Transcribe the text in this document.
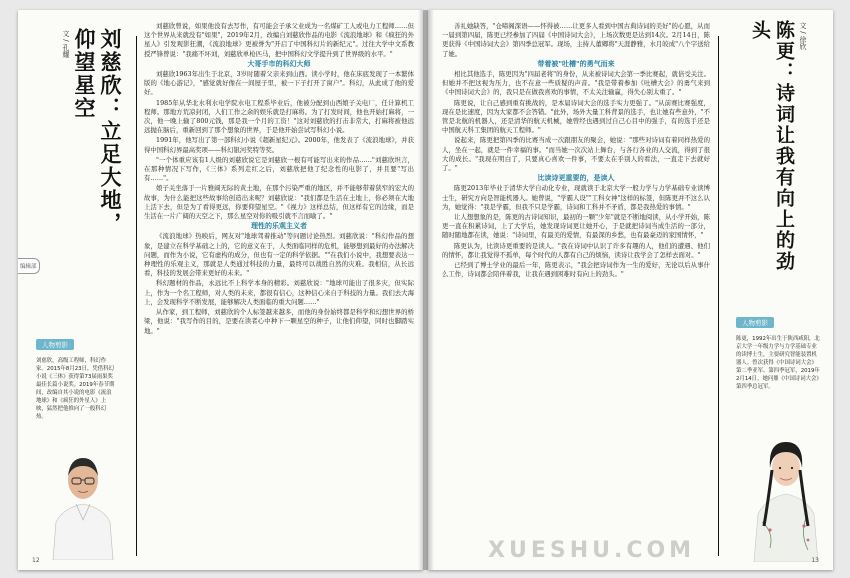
刘慈欣：立足大地，仰望星空
文 / 孔耀
编辑部
人物剪影
刘慈欣，高级工程师，科幻作家。2015年8月23日，凭借科幻小说《三体》获得第73届雨果奖最佳长篇小说奖。2019年春节期间，改编自其小说的电影《流浪地球》和《疯狂的外星人》上映，猛然把他推向了一般科幻热。

刘慈欣曾说，如果他没有去写作，有可能会子承父业成为一名煤矿工人或电力工程师……但这个世界从来就没有"如果"，2019年2月，改编自刘慈欣作品的电影《流浪地球》和《疯狂的外星人》引发观影狂潮，《流浪地球》更被誉为"开启了中国科幻片的新纪元"。过往大学中文系教授严锋曾说："我痛不坏刘，刘慈欣单枪匹马，把中国科幻文学提升到了世界级的水平。"

大哥手市的科幻大师

刘慈欣1963年出生于北京，3岁时随着父亲来到山西。读小学时，他在床底发现了一本繁体版的《地心游记》，"感觉就好像在一间屋子里，被一下子打开了窗户"。科幻，从此成了他的爱好。

1985年从华北水利水电学院水电工程系毕业后，他被分配到山西娘子关电厂，任计算机工程师。那地方荒凉封闭，人们工作之余的娱乐就是打麻将。为了打发时间，他也开始打麻将，一次，他一晚上输了800元钱，那是我一个月的工资！"这对刘慈欣的打击非常大，打麻将被他远远抛在脑后，重新回到了那个想象的世界，于是他开始尝试写科幻小说。

1991年，他写出了第一部科幻小说《超新星纪元》。2000年，他发表了《流浪地球》，并获得中国科幻界最高奖项——科幻银河奖特等奖。

"一个体重应该有1人级的刘慈欣说它是刘慈欣一根有可能写出来的作品……"刘慈欣坦言，在那种情况下写作，《三体》系列走红之后，刘慈欣把他了纪念性的电影了，并且要"写出有……"。

娘子关坐落于一片雅阔无际的黄土地，在那个污染严重的地区，并不能够带着狭窄的宏大的故事，为什么能把这些故事给创造出来呢？刘慈欣说："我们都是生活在土地上，你必须在大地上活下去，但是为了看得更远，你要仰望星空。"《视力》这样总结，但这样有它的边缘，而是生活在一片广阔的天空之下，那么星空对你的吸引就不言而喻了。"

理性的乐观主义者

《流浪地球》热映后，网友对"地球驾着推动"等问题讨论热烈。刘慈欣说："科幻作品的想象，是建立在科学基础之上的，它的意义在于，人类面临同样的危机，能够想到最好的办法解决问题，而作为小说，它有虚构的成分，但也有一定的科学依据。""在我们小说中，我想要表达一种理性的乐观主义，那就是人类通过科技的力量，最终可以战胜自然的灾难。我相信，从长远看，科技的发展会带来更好的未来。"

科幻题材的作品，永远比不上科学本身的精彩。刘慈欣说："地球可能出了很多灾，但实际上，作为一个名工程师，对人类的未来，都很有信心，这种信心来自于科技的力量。我们去大海上，会发现科学不断发展，能够解决人类面临的重大问题……"

从作家，到工程师，刘慈欣的个人标签越来越多，而他的身份始终都是科学和幻想世界的桥梁，他说："我写作的目的，是要在读者心中种下一颗星空的种子，让他们仰望，同时也脚踏实地。"

12

善礼她缺答，"仓啼阁深语——怀得被……让更多人看到中国古典诗词的美好"的心愿，从而一届到第四届，陈更已经参加了四届《中国诗词大会》，上场次数更是达到14次。2月14日，陈更获得《中国诗词大会》第四季总冠军。现场，主持人董卿将"天涯静雅，水月皎成"八个字送给了她。

带着被"吐槽"的勇气而来

相比其他选手，陈更因为"四届老将"的身份，从来被诗词大会第一季比赛起，就倍受关注。但她并不把这视为压力，也不在意一些质疑的声音。"我是带着参加《吐槽大会》的勇气来到《中国诗词大会》的，我只是在做我喜欢的事情，不太关注输赢，得失心别太重了。"

陈更说，让自己感到重有挑战的，是本届诗词大会的选手实力更强了。"从前赛比赛强度，现在是比速度，因为大家都不会答错。"此外，场外大量工科背景的选手，也让她有些意外，"不管是北航的机器人，还是清华的航天机械，她曾经也遇到过自己心目中的强手，有的选手还是中国航天科工集团的航天工程师。"

说起来，陈更把第四季的比赛当成一次跟朋友的聚会，她说："那些对诗词有着同样热爱的人，坐在一起，就是一件幸福的事。"而当她一次次站上舞台，与各行各业的人交流，得到了很大的成长。"我现在明白了，只要真心喜欢一件事，不要太在乎别人的看法，一直走下去就好了。"

比读诗更重要的，是读人

陈更2013年毕业于清华大学自动化专业，现就读于北京大学一般力学与力学基础专业读博士生，研究方向是智能机器人。她曾说，"学霸人设""工科女神"这样的标签，但陈更并不这么认为，她觉得："我是学霸，但我不只是学霸，诗词和工科并不矛盾，都是我热爱的事情。"

让人想想象的是，陈更的古诗词知识，最初的一颗"少年"就是不断地阅读，从小学开始，陈更一直在积累诗词，上了大学后，她发现诗词更让她开心，于是就把诗词当成生活的一部分，随时随地都在读，她说："诗词里，有最美的爱情，有最深的乡愁，也有最豪迈的家国情怀，"

陈更认为，比读诗更重要的是读人。"我在诗词中认识了许多有趣的人，他们的遭遇、他们的情怀，都让我觉得不孤单，每个时代的人都有自己的烦恼，读诗让我学会了怎样去面对。"

已经到了博士学业的最后一年，陈更表示，"我会把诗词作为一生的爱好，无论以后从事什么工作，诗词都会陪伴着我，让我在遇到困难时有向上的劲头。"

陈更：诗词让我有向上的劲头	文 / 徐欣
人物剪影
陈更，1992年出生于陕西咸阳，北京大学一年级力学与力学基础专业的读博士生，主要研究智能装置机器人。曾次获得《中国诗词大会》第二季亚军、第四季冠军，2019年2月14日，她问鼎《中国诗词大会》第四季总冠军。
13
XUESHU.COM
